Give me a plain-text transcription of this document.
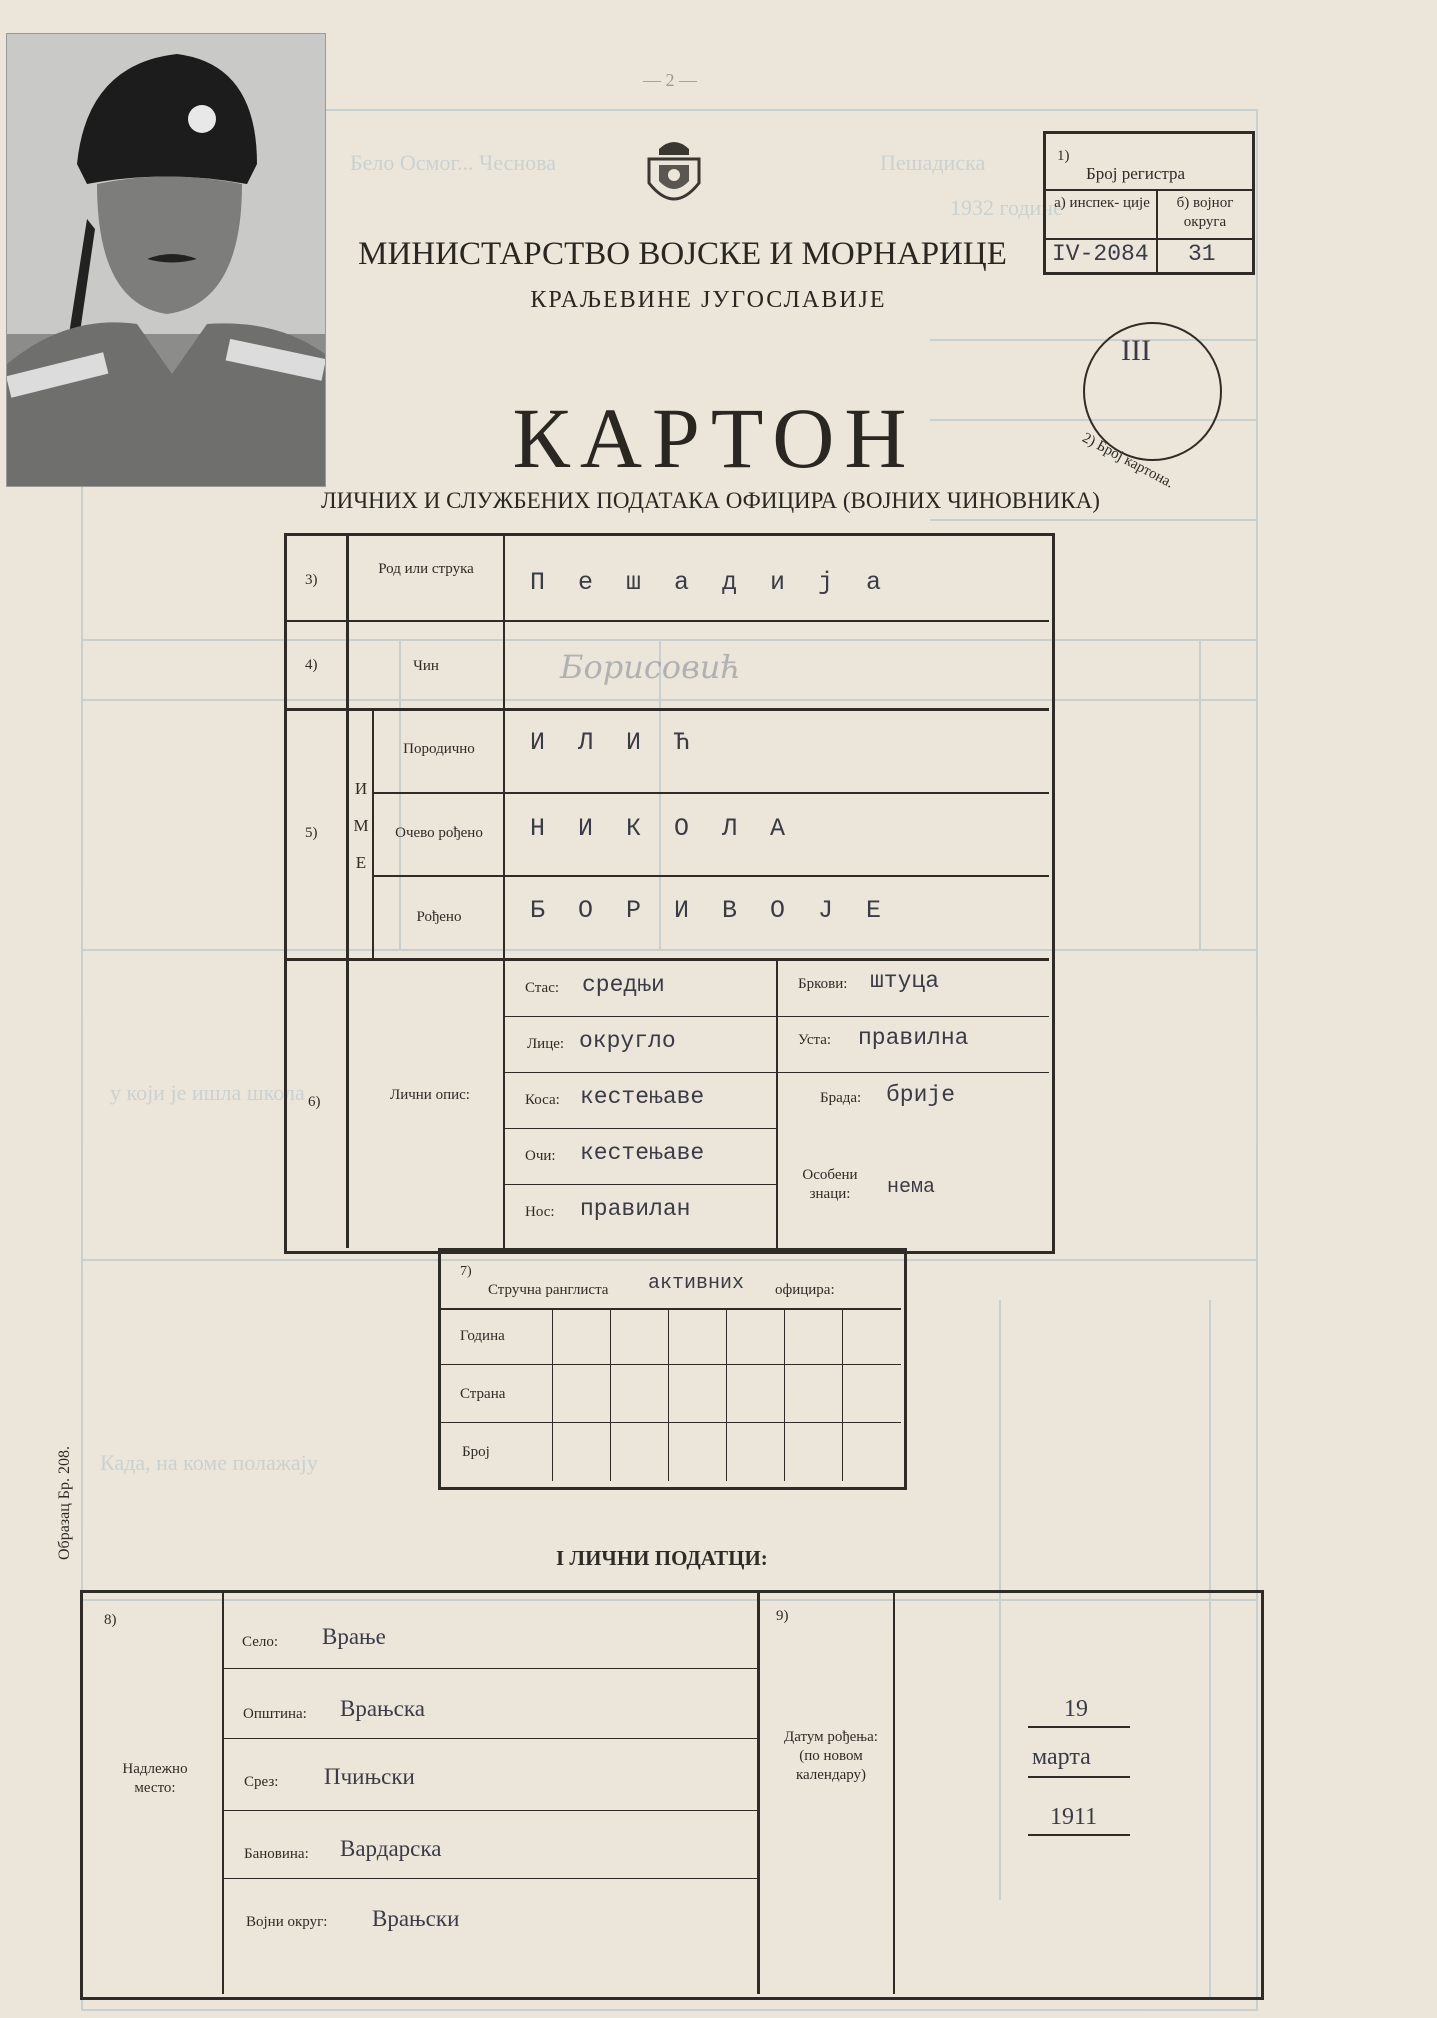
Бело Осмог... Чеснова	Пешадиска
1932 године
у који је ишла школа
Када, на коме полажају
— 2 —
МИНИСТАРСТВО ВОЈСКЕ И МОРНАРИЦЕ
КРАЉЕВИНЕ ЈУГОСЛАВИЈЕ
КАРТОН
ЛИЧНИХ И СЛУЖБЕНИХ ПОДАТАКА ОФИЦИРА (ВОЈНИХ ЧИНОВНИКА)
1)
Број регистра
а) инспек- ције	б) војног округа
IV-2084 31
III
2) Број картона.
3)
Род или струка	П е ш а д и ј а
4)	Чин	Борисовић
5)
И М Е
Породично	И Л И Ћ
Очево рођено	Н И К О Л А
Рођено	Б О Р И В О Ј Е
6)	Лични опис:
Стас: средњи
Лице: округло
Коса: кестењаве
Очи: кестењаве
Нос: правилан
Бркови: штуца
Уста: правилна
Брада: брије
Особени знаци:	нема
7)
Стручна ранглиста активних официра:
Година
Страна
Број
I ЛИЧНИ ПОДАТЦИ:
Образац Бр. 208.
8)
Надлежно место:
Село: Врање
Општина: Врањска
Срез: Пчињски
Бановина: Вардарска
Војни округ: Врањски
9)
Датум рођења: (по новом календару)
19
марта
1911
